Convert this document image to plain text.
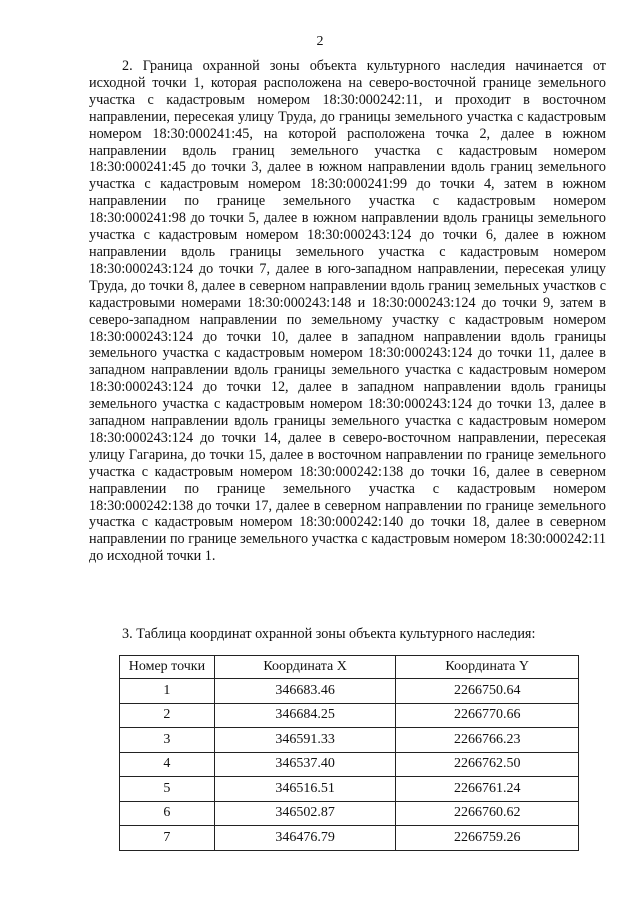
2

2. Граница охранной зоны объекта культурного наследия начинается от исходной точки 1, которая расположена на северо-восточной границе земельного участка с кадастровым номером 18:30:000242:11, и проходит в восточном направлении, пересекая улицу Труда, до границы земельного участка с кадастровым номером 18:30:000241:45, на которой расположена точка 2, далее в южном направлении вдоль границ земельного участка с кадастровым номером 18:30:000241:45 до точки 3, далее в южном направлении вдоль границ земельного участка с кадастровым номером 18:30:000241:99 до точки 4, затем в южном направлении по границе земельного участка с кадастровым номером 18:30:000241:98 до точки 5, далее в южном направлении вдоль границы земельного участка с кадастровым номером 18:30:000243:124 до точки 6, далее в южном направлении вдоль границы земельного участка с кадастровым номером 18:30:000243:124 до точки 7, далее в юго-западном направлении, пересекая улицу Труда, до точки 8, далее в северном направлении вдоль границ земельных участков с кадастровыми номерами 18:30:000243:148 и 18:30:000243:124 до точки 9, затем в северо-западном направлении по земельному участку с кадастровым номером 18:30:000243:124 до точки 10, далее в западном направлении вдоль границы земельного участка с кадастровым номером 18:30:000243:124 до точки 11, далее в западном направлении вдоль границы земельного участка с кадастровым номером 18:30:000243:124 до точки 12, далее в западном направлении вдоль границы земельного участка с кадастровым номером 18:30:000243:124 до точки 13, далее в западном направлении вдоль границы земельного участка с кадастровым номером 18:30:000243:124 до точки 14, далее в северо-восточном направлении, пересекая улицу Гагарина, до точки 15, далее в восточном направлении по границе земельного участка с кадастровым номером 18:30:000242:138 до точки 16, далее в северном направлении по границе земельного участка с кадастровым номером 18:30:000242:138 до точки 17, далее в северном направлении по границе земельного участка с кадастровым номером 18:30:000242:140 до точки 18, далее в северном направлении по границе земельного участка с кадастровым номером 18:30:000242:11 до исходной точки 1.

3. Таблица координат охранной зоны объекта культурного наследия:

Номер точки	Координата X	Координата Y
1	346683.46	2266750.64
2	346684.25	2266770.66
3	346591.33	2266766.23
4	346537.40	2266762.50
5	346516.51	2266761.24
6	346502.87	2266760.62
7	346476.79	2266759.26
